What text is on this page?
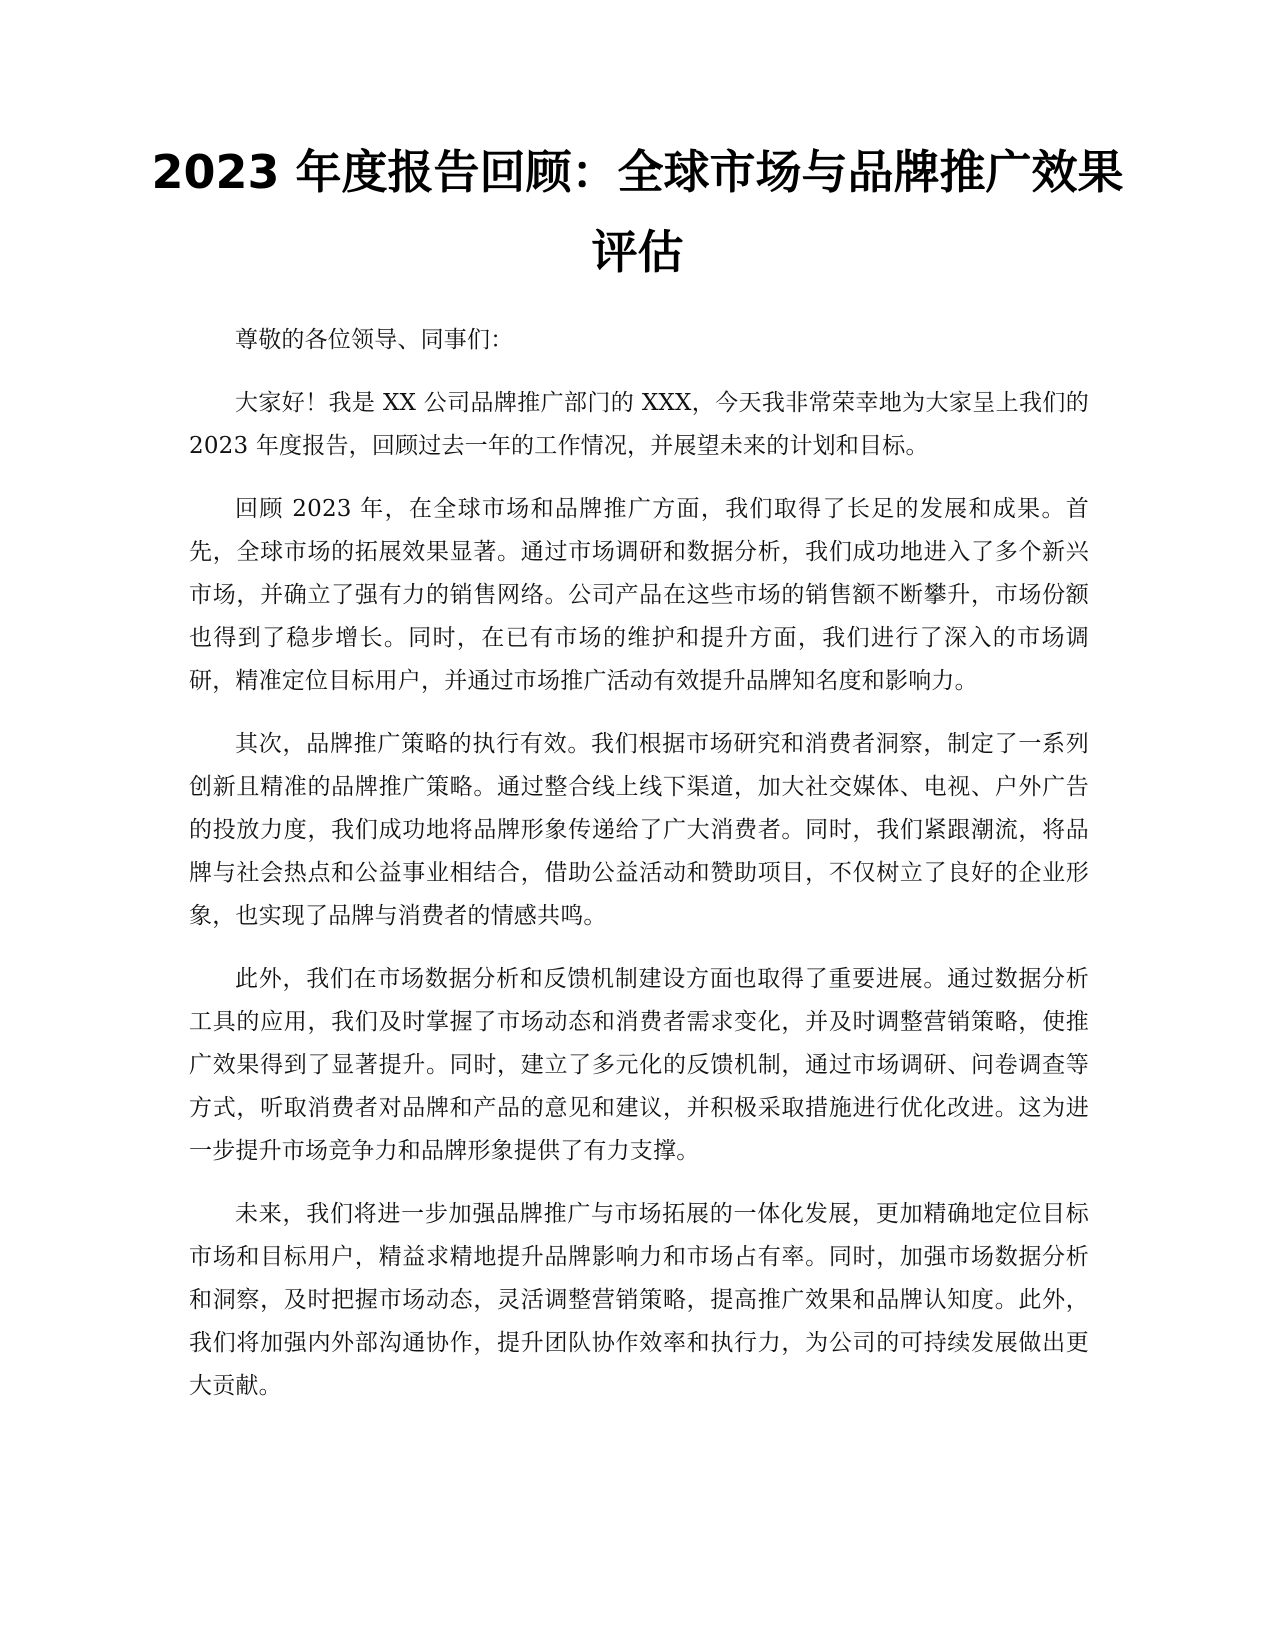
2023 年度报告回顾：全球市场与品牌推广效果评估

尊敬的各位领导、同事们：

大家好！我是 XX 公司品牌推广部门的 XXX，今天我非常荣幸地为大家呈上我们的 2023 年度报告，回顾过去一年的工作情况，并展望未来的计划和目标。

回顾 2023 年，在全球市场和品牌推广方面，我们取得了长足的发展和成果。首先，全球市场的拓展效果显著。通过市场调研和数据分析，我们成功地进入了多个新兴市场，并确立了强有力的销售网络。公司产品在这些市场的销售额不断攀升，市场份额也得到了稳步增长。同时，在已有市场的维护和提升方面，我们进行了深入的市场调研，精准定位目标用户，并通过市场推广活动有效提升品牌知名度和影响力。

其次，品牌推广策略的执行有效。我们根据市场研究和消费者洞察，制定了一系列创新且精准的品牌推广策略。通过整合线上线下渠道，加大社交媒体、电视、户外广告的投放力度，我们成功地将品牌形象传递给了广大消费者。同时，我们紧跟潮流，将品牌与社会热点和公益事业相结合，借助公益活动和赞助项目，不仅树立了良好的企业形象，也实现了品牌与消费者的情感共鸣。

此外，我们在市场数据分析和反馈机制建设方面也取得了重要进展。通过数据分析工具的应用，我们及时掌握了市场动态和消费者需求变化，并及时调整营销策略，使推广效果得到了显著提升。同时，建立了多元化的反馈机制，通过市场调研、问卷调查等方式，听取消费者对品牌和产品的意见和建议，并积极采取措施进行优化改进。这为进一步提升市场竞争力和品牌形象提供了有力支撑。

未来，我们将进一步加强品牌推广与市场拓展的一体化发展，更加精确地定位目标市场和目标用户，精益求精地提升品牌影响力和市场占有率。同时，加强市场数据分析和洞察，及时把握市场动态，灵活调整营销策略，提高推广效果和品牌认知度。此外，我们将加强内外部沟通协作，提升团队协作效率和执行力，为公司的可持续发展做出更大贡献。
